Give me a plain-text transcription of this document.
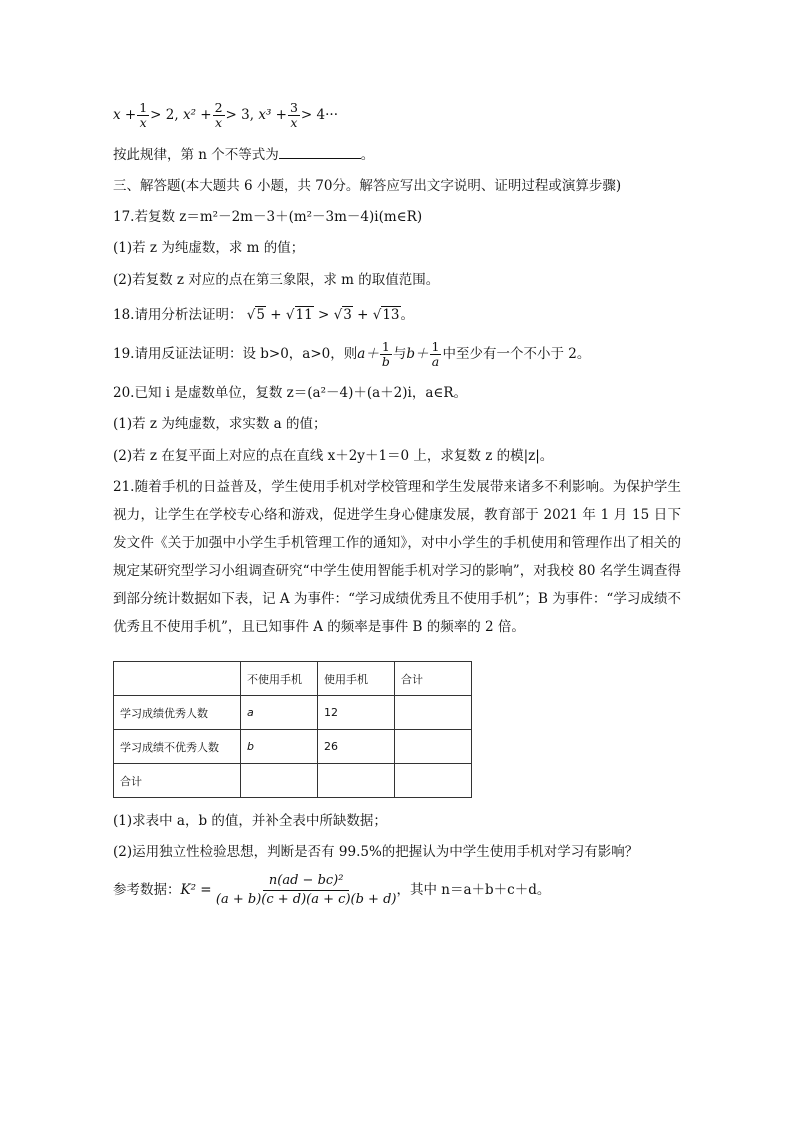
$x + \frac{1}{x} > 2$, $x^2 + \frac{2}{x} > 3$, $x^3 + \frac{3}{x} > 4\cdot\cdot\cdot$
按此规律，第 n 个不等式为	。
三、解答题(本大题共 6 小题，共 70分。解答应写出文字说明、证明过程或演算步骤)
17.若复数 z＝m²－2m－3＋(m²－3m－4)i(m∈R)
(1)若 z 为纯虚数，求 m 的值；
(2)若复数 z 对应的点在第三象限，求 m 的取值范围。
18.请用分析法证明： √5 + √11 > √3 + √13。
19.请用反证法证明：设 b>0，a>0，则$a+ \frac{1}{b}$ 与$b+ \frac{1}{a}$ 中至少有一个不小于 2。
20.已知 i 是虚数单位，复数 z＝(a²－4)＋(a＋2)i，a∈R。
(1)若 z 为纯虚数，求实数 a 的值；
(2)若 z 在复平面上对应的点在直线 x＋2y＋1＝0 上，求复数 z 的模|z|。
21.随着手机的日益普及，学生使用手机对学校管理和学生发展带来诸多不利影响。为保护学生视力，让学生在学校专心络和游戏，促进学生身心健康发展，教育部于 2021 年 1 月 15 日下发文件《关于加强中小学生手机管理工作的通知》，对中小学生的手机使用和管理作出了相关的规定某研究型学习小组调查研究“中学生使用智能手机对学习的影响”，对我校 80 名学生调查得到部分统计数据如下表，记 A 为事件：“学习成绩优秀且不使用手机”；B 为事件：“学习成绩不优秀且不使用手机”，且已知事件 A 的频率是事件 B 的频率的 2 倍。
	不使用手机	使用手机	合计
学习成绩优秀人数	a	12	
学习成绩不优秀人数	b	26	
合计			
(1)求表中 a，b 的值，并补全表中所缺数据；
(2)运用独立性检验思想，判断是否有 99.5%的把握认为中学生使用手机对学习有影响？
参考数据：$K^2 = \frac{\text{n(ad − bc)²}}{(a + b)(c + d)(a + c)(b + d)}$ ，其中 n＝a＋b＋c＋d。
